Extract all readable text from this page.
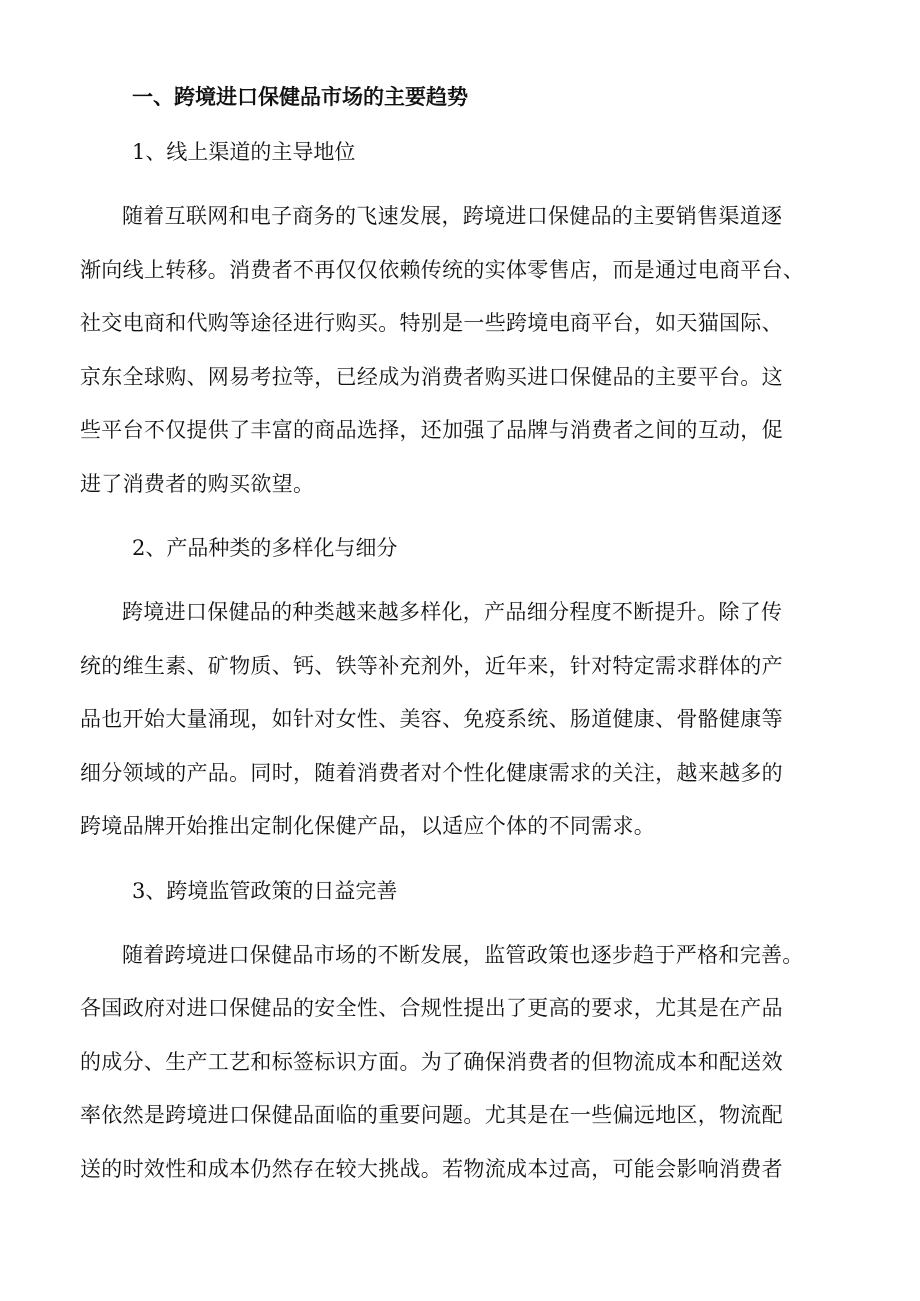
一、跨境进口保健品市场的主要趋势
1、线上渠道的主导地位
随着互联网和电子商务的飞速发展，跨境进口保健品的主要销售渠道逐
渐向线上转移。消费者不再仅仅依赖传统的实体零售店，而是通过电商平台、
社交电商和代购等途径进行购买。特别是一些跨境电商平台，如天猫国际、
京东全球购、网易考拉等，已经成为消费者购买进口保健品的主要平台。这
些平台不仅提供了丰富的商品选择，还加强了品牌与消费者之间的互动，促
进了消费者的购买欲望。
2、产品种类的多样化与细分
跨境进口保健品的种类越来越多样化，产品细分程度不断提升。除了传
统的维生素、矿物质、钙、铁等补充剂外，近年来，针对特定需求群体的产
品也开始大量涌现，如针对女性、美容、免疫系统、肠道健康、骨骼健康等
细分领域的产品。同时，随着消费者对个性化健康需求的关注，越来越多的
跨境品牌开始推出定制化保健产品，以适应个体的不同需求。
3、跨境监管政策的日益完善
随着跨境进口保健品市场的不断发展，监管政策也逐步趋于严格和完善。
各国政府对进口保健品的安全性、合规性提出了更高的要求，尤其是在产品
的成分、生产工艺和标签标识方面。为了确保消费者的但物流成本和配送效
率依然是跨境进口保健品面临的重要问题。尤其是在一些偏远地区，物流配
送的时效性和成本仍然存在较大挑战。若物流成本过高，可能会影响消费者
